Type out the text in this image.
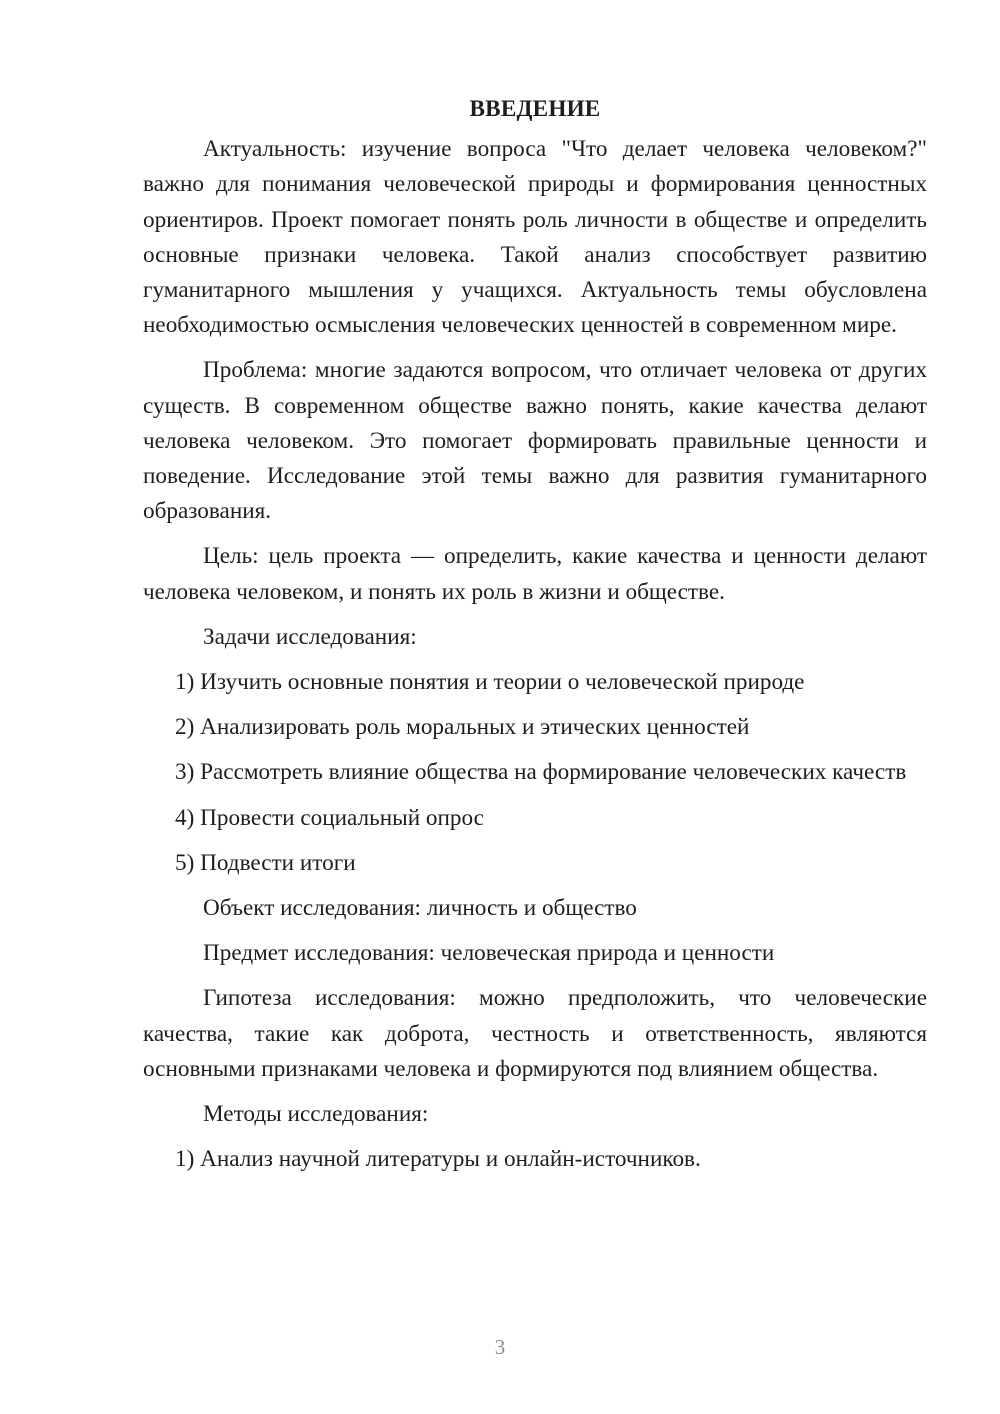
ВВЕДЕНИЕ

Актуальность: изучение вопроса "Что делает человека человеком?" важно для понимания человеческой природы и формирования ценностных ориентиров. Проект помогает понять роль личности в обществе и определить основные признаки человека. Такой анализ способствует развитию гуманитарного мышления у учащихся. Актуальность темы обусловлена необходимостью осмысления человеческих ценностей в современном мире.

Проблема: многие задаются вопросом, что отличает человека от других существ. В современном обществе важно понять, какие качества делают человека человеком. Это помогает формировать правильные ценности и поведение. Исследование этой темы важно для развития гуманитарного образования.

Цель: цель проекта — определить, какие качества и ценности делают человека человеком, и понять их роль в жизни и обществе.

Задачи исследования:

1) Изучить основные понятия и теории о человеческой природе

2) Анализировать роль моральных и этических ценностей

3) Рассмотреть влияние общества на формирование человеческих качеств

4) Провести социальный опрос

5) Подвести итоги

Объект исследования: личность и общество

Предмет исследования: человеческая природа и ценности

Гипотеза исследования: можно предположить, что человеческие качества, такие как доброта, честность и ответственность, являются основными признаками человека и формируются под влиянием общества.

Методы исследования:

1) Анализ научной литературы и онлайн-источников.

3
